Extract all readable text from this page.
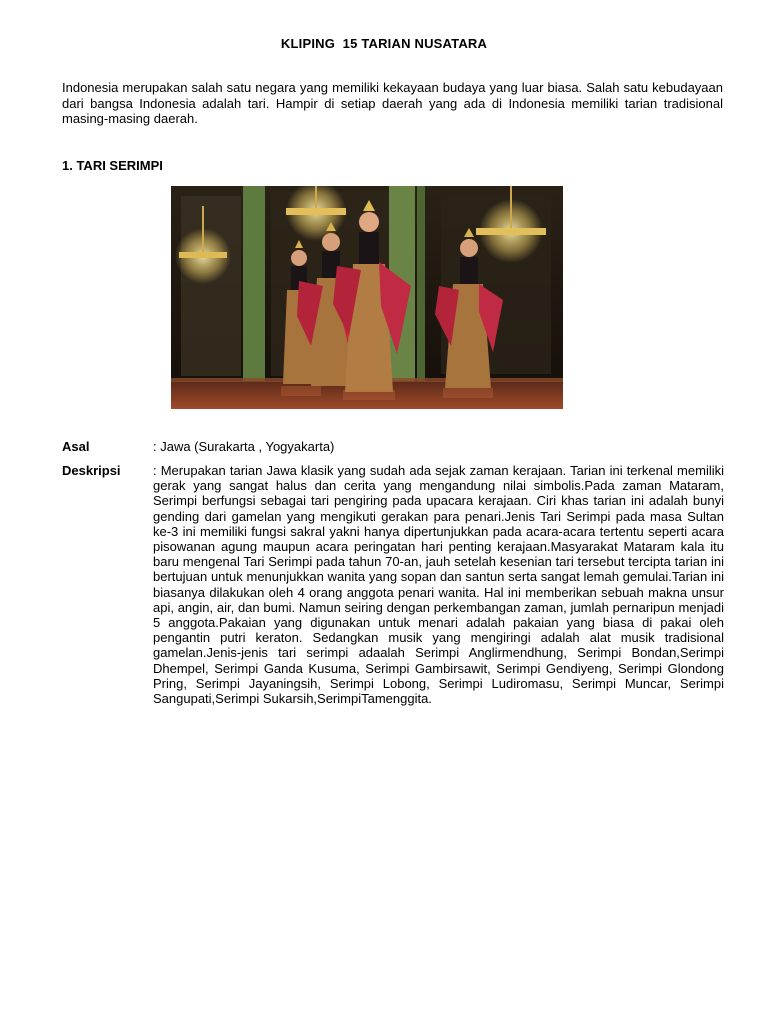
KLIPING  15 TARIAN NUSATARA
Indonesia merupakan salah satu negara yang memiliki kekayaan budaya yang luar biasa. Salah satu kebudayaan dari bangsa Indonesia adalah tari. Hampir di setiap daerah yang ada di Indonesia memiliki tarian tradisional masing-masing daerah.
1. TARI SERIMPI
Asal	: Jawa (Surakarta , Yogyakarta)
Deskripsi	: Merupakan tarian Jawa klasik yang sudah ada sejak zaman kerajaan. Tarian ini terkenal memiliki gerak yang sangat halus dan cerita yang mengandung nilai simbolis.Pada zaman Mataram, Serimpi berfungsi sebagai tari pengiring pada upacara kerajaan. Ciri khas tarian ini adalah bunyi gending dari gamelan yang mengikuti gerakan para penari.Jenis Tari Serimpi pada masa Sultan ke-3 ini memiliki fungsi sakral yakni hanya dipertunjukkan pada acara-acara tertentu seperti acara pisowanan agung maupun acara peringatan hari penting kerajaan.Masyarakat Mataram kala itu baru mengenal Tari Serimpi pada tahun 70-an, jauh setelah kesenian tari tersebut tercipta tarian ini bertujuan untuk menunjukkan wanita yang sopan dan santun serta sangat lemah gemulai.Tarian ini biasanya dilakukan oleh 4 orang anggota penari wanita. Hal ini memberikan sebuah makna unsur api, angin, air, dan bumi. Namun seiring dengan perkembangan zaman, jumlah pernaripun menjadi 5 anggota.Pakaian yang digunakan untuk menari adalah pakaian yang biasa di pakai oleh pengantin putri keraton. Sedangkan musik yang mengiringi adalah alat musik tradisional gamelan.Jenis-jenis tari serimpi adaalah Serimpi Anglirmendhung, Serimpi Bondan,Serimpi Dhempel, Serimpi Ganda Kusuma, Serimpi Gambirsawit, Serimpi Gendiyeng, Serimpi Glondong Pring, Serimpi Jayaningsih, Serimpi Lobong, Serimpi Ludiromasu, Serimpi Muncar, Serimpi Sangupati,Serimpi Sukarsih,SerimpiTamenggita.
